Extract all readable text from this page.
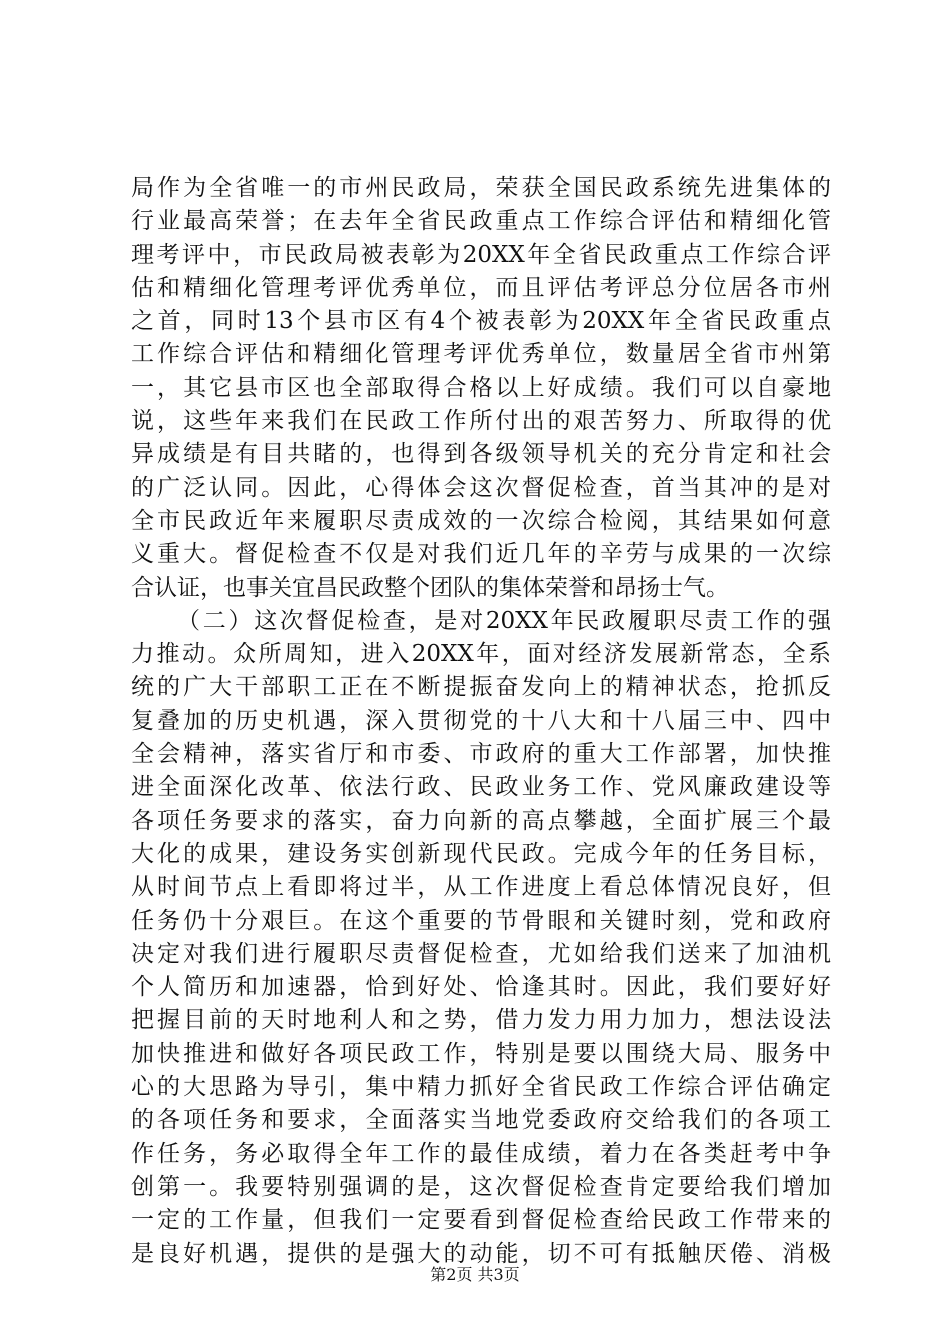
局作为全省唯一的市州民政局，荣获全国民政系统先进集体的
行业最高荣誉；在去年全省民政重点工作综合评估和精细化管
理考评中，市民政局被表彰为20XX年全省民政重点工作综合评
估和精细化管理考评优秀单位，而且评估考评总分位居各市州
之首，同时13个县市区有4个被表彰为20XX年全省民政重点
工作综合评估和精细化管理考评优秀单位，数量居全省市州第
一，其它县市区也全部取得合格以上好成绩。我们可以自豪地
说，这些年来我们在民政工作所付出的艰苦努力、所取得的优
异成绩是有目共睹的，也得到各级领导机关的充分肯定和社会
的广泛认同。因此，心得体会这次督促检查，首当其冲的是对
全市民政近年来履职尽责成效的一次综合检阅，其结果如何意
义重大。督促检查不仅是对我们近几年的辛劳与成果的一次综
合认证，也事关宜昌民政整个团队的集体荣誉和昂扬士气。
（二）这次督促检查，是对20XX年民政履职尽责工作的强
力推动。众所周知，进入20XX年，面对经济发展新常态，全系
统的广大干部职工正在不断提振奋发向上的精神状态，抢抓反
复叠加的历史机遇，深入贯彻党的十八大和十八届三中、四中
全会精神，落实省厅和市委、市政府的重大工作部署，加快推
进全面深化改革、依法行政、民政业务工作、党风廉政建设等
各项任务要求的落实，奋力向新的高点攀越，全面扩展三个最
大化的成果，建设务实创新现代民政。完成今年的任务目标，
从时间节点上看即将过半，从工作进度上看总体情况良好，但
任务仍十分艰巨。在这个重要的节骨眼和关键时刻，党和政府
决定对我们进行履职尽责督促检查，尤如给我们送来了加油机
个人简历和加速器，恰到好处、恰逢其时。因此，我们要好好
把握目前的天时地利人和之势，借力发力用力加力，想法设法
加快推进和做好各项民政工作，特别是要以围绕大局、服务中
心的大思路为导引，集中精力抓好全省民政工作综合评估确定
的各项任务和要求，全面落实当地党委政府交给我们的各项工
作任务，务必取得全年工作的最佳成绩，着力在各类赶考中争
创第一。我要特别强调的是，这次督促检查肯定要给我们增加
一定的工作量，但我们一定要看到督促检查给民政工作带来的
是良好机遇，提供的是强大的动能，切不可有抵触厌倦、消极
第2页 共3页
